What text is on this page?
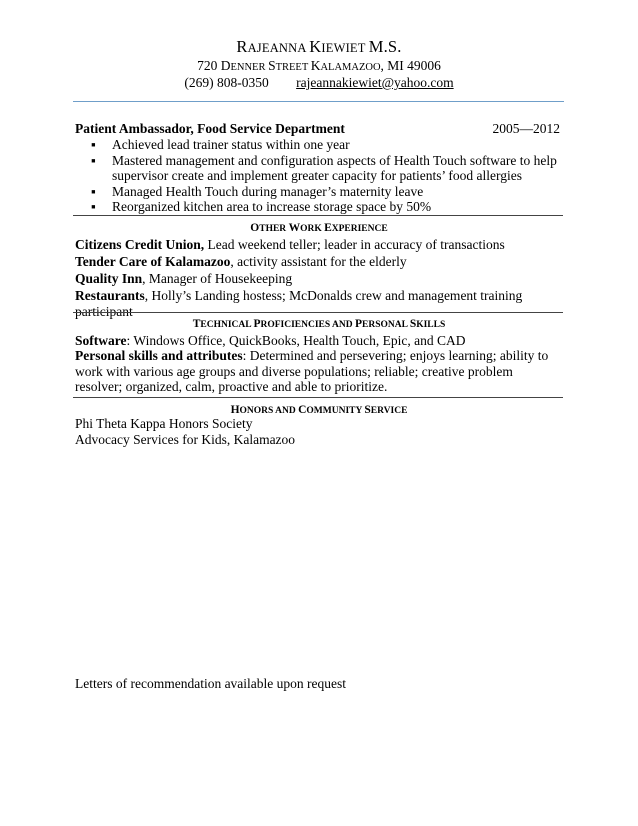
RAJEANNA KIEWIET M.S.
720 DENNER STREET KALAMAZOO, MI 49006
(269) 808-0350 rajeannakiewiet@yahoo.com
Patient Ambassador, Food Service Department	2005—2012
▪ Achieved lead trainer status within one year
▪ Mastered management and configuration aspects of Health Touch software to help supervisor create and implement greater capacity for patients’ food allergies
▪ Managed Health Touch during manager’s maternity leave
▪ Reorganized kitchen area to increase storage space by 50%
OTHER WORK EXPERIENCE
Citizens Credit Union, Lead weekend teller; leader in accuracy of transactions
Tender Care of Kalamazoo, activity assistant for the elderly
Quality Inn, Manager of Housekeeping
Restaurants, Holly’s Landing hostess; McDonalds crew and management training participant
TECHNICAL PROFICIENCIES AND PERSONAL SKILLS
Software: Windows Office, QuickBooks, Health Touch, Epic, and CAD
Personal skills and attributes: Determined and persevering; enjoys learning; ability to work with various age groups and diverse populations; reliable; creative problem resolver; organized, calm, proactive and able to prioritize.
HONORS AND COMMUNITY SERVICE
Phi Theta Kappa Honors Society
Advocacy Services for Kids, Kalamazoo
Letters of recommendation available upon request
